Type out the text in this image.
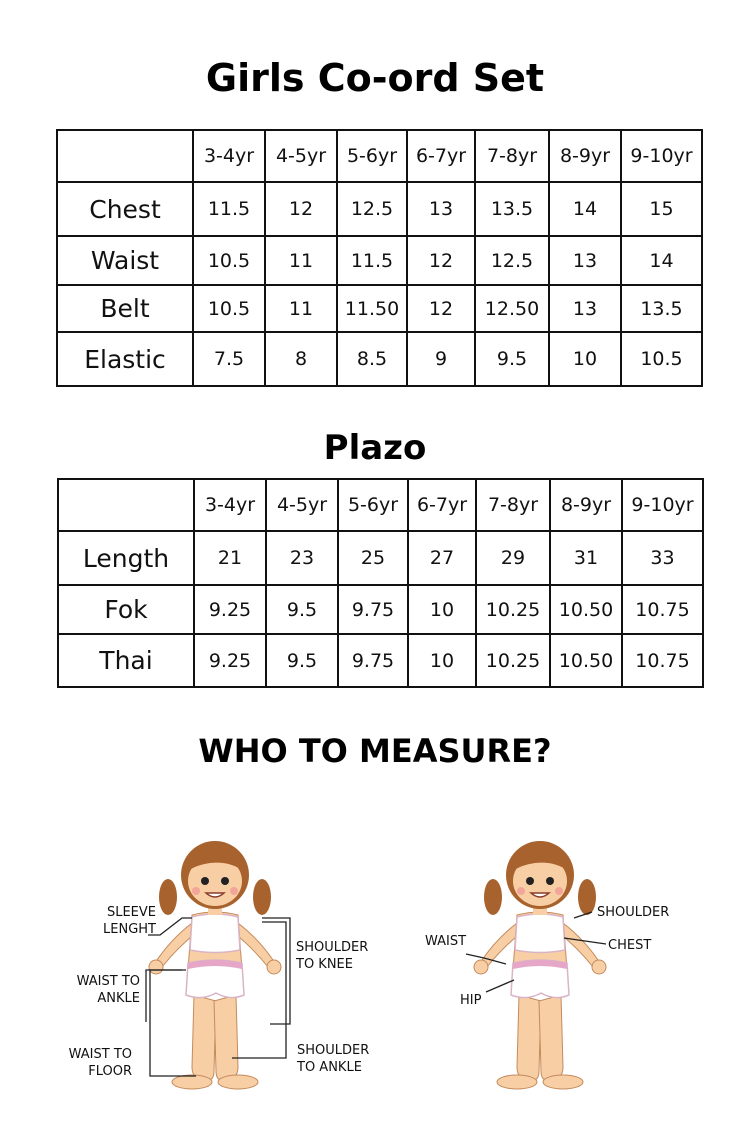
Girls Co-ord Set
	3-4yr	4-5yr	5-6yr	6-7yr	7-8yr	8-9yr	9-10yr
Chest	11.5	12	12.5	13	13.5	14	15
Waist	10.5	11	11.5	12	12.5	13	14
Belt	10.5	11	11.50	12	12.50	13	13.5
Elastic	7.5	8	8.5	9	9.5	10	10.5
Plazo
	3-4yr	4-5yr	5-6yr	6-7yr	7-8yr	8-9yr	9-10yr
Length	21	23	25	27	29	31	33
Fok	9.25	9.5	9.75	10	10.25	10.50	10.75
Thai	9.25	9.5	9.75	10	10.25	10.50	10.75
WHO TO MEASURE?
SLEEVE
LENGHT
WAIST TO
ANKLE
WAIST TO
FLOOR
SHOULDER
TO KNEE
SHOULDER
TO ANKLE
SHOULDER
CHEST
WAIST
HIP
